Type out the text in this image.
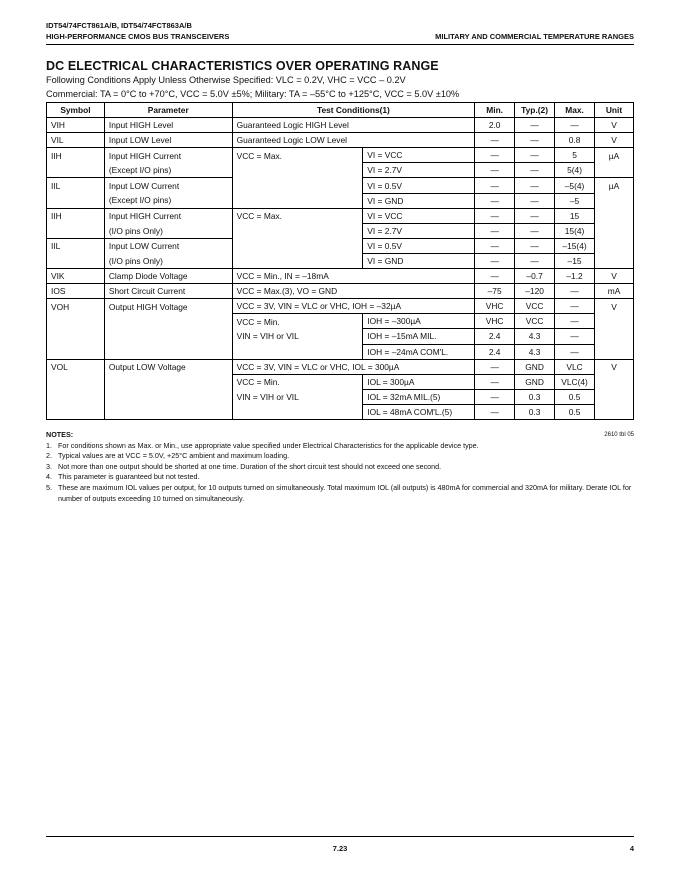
IDT54/74FCT861A/B, IDT54/74FCT863A/B
HIGH-PERFORMANCE CMOS BUS TRANSCEIVERS	MILITARY AND COMMERCIAL TEMPERATURE RANGES
DC ELECTRICAL CHARACTERISTICS OVER OPERATING RANGE
Following Conditions Apply Unless Otherwise Specified: VLC = 0.2V, VHC = VCC – 0.2V
Commercial: TA = 0°C to +70°C, VCC = 5.0V ±5%; Military: TA = –55°C to +125°C, VCC = 5.0V ±10%
Symbol	Parameter	Test Conditions(1)		Min.	Typ.(2)	Max.	Unit
VIH	Input HIGH Level	Guaranteed Logic HIGH Level		2.0	—	—	V
VIL	Input LOW Level	Guaranteed Logic LOW Level		—	—	0.8	V
IIH	Input HIGH Current	VCC = Max.	VI = VCC	—	—	5	µA
	(Except I/O pins)		VI = 2.7V	—	—	5(4)	
IIL	Input LOW Current		VI = 0.5V	—	—	–5(4)	µA
	(Except I/O pins)		VI = GND	—	—	–5	
IIH	Input HIGH Current	VCC = Max.	VI = VCC	—	—	15	
	(I/O pins Only)		VI = 2.7V	—	—	15(4)	
IIL	Input LOW Current		VI = 0.5V	—	—	–15(4)	
	(I/O pins Only)		VI = GND	—	—	–15	
VIK	Clamp Diode Voltage	VCC = Min., IN = –18mA		—	–0.7	–1.2	V
IOS	Short Circuit Current	VCC = Max.(3), VO = GND		–75	–120	—	mA
VOH	Output HIGH Voltage	VCC = 3V, VIN = VLC or VHC, IOH = –32µA		VHC	VCC	—	V
		VCC = Min.	IOH = –300µA	VHC	VCC	—	
		VIN = VIH or VIL	IOH = –15mA MIL.	2.4	4.3	—	
			IOH = –24mA COM'L.	2.4	4.3	—	
VOL	Output LOW Voltage	VCC = 3V, VIN = VLC or VHC, IOL = 300µA		—	GND	VLC	V
		VCC = Min.	IOL = 300µA	—	GND	VLC(4)	
		VIN = VIH or VIL	IOL = 32mA MIL.(5)	—	0.3	0.5	
			IOL = 48mA COM'L.(5)	—	0.3	0.5	
NOTES:	2610 tbl 05
1. For conditions shown as Max. or Min., use appropriate value specified under Electrical Characteristics for the applicable device type.
2. Typical values are at VCC = 5.0V, +25°C ambient and maximum loading.
3. Not more than one output should be shorted at one time. Duration of the short circuit test should not exceed one second.
4. This parameter is guaranteed but not tested.
5. These are maximum IOL values per output, for 10 outputs turned on simultaneously. Total maximum IOL (all outputs) is 480mA for commercial and 320mA for military. Derate IOL for number of outputs exceeding 10 turned on simultaneously.
7.23	4
